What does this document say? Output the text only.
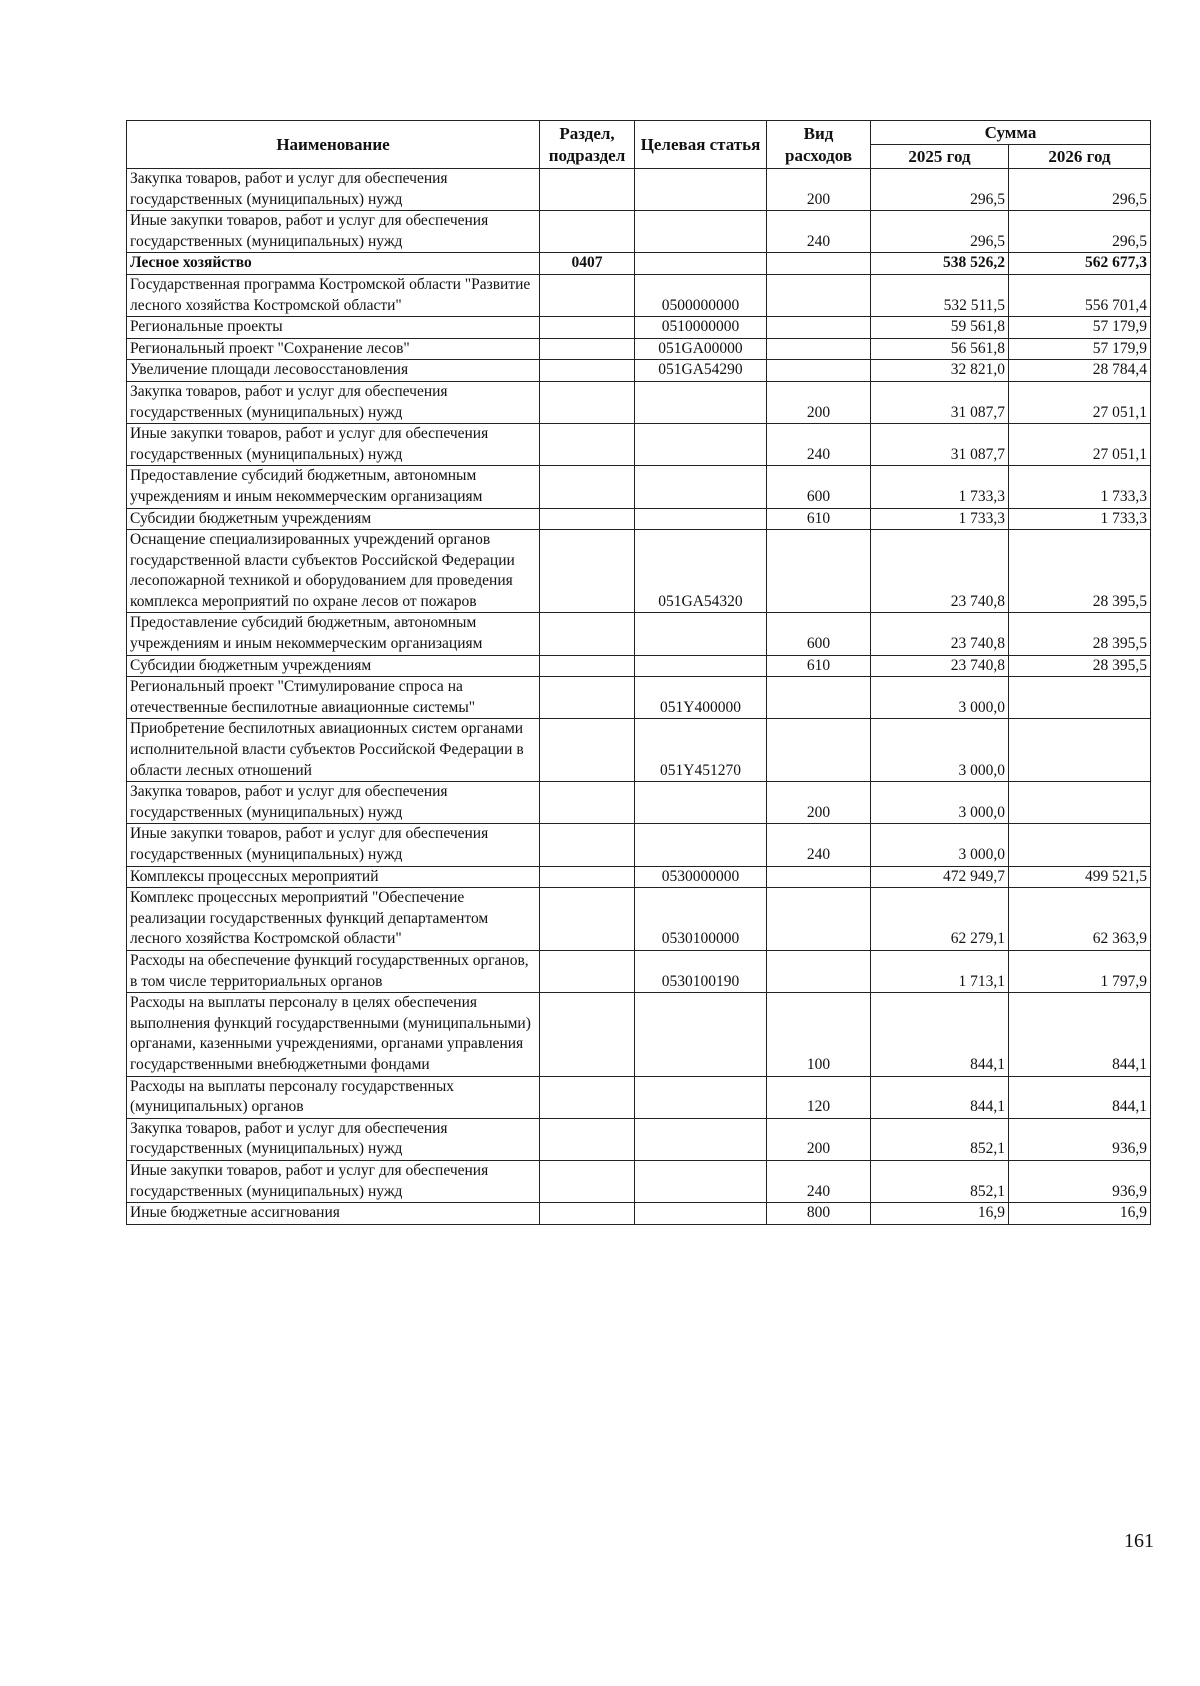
Наименование	Раздел, подраздел	Целевая статья	Вид расходов	Сумма	
				2025 год	2026 год
Закупка товаров, работ и услуг для обеспечения государственных (муниципальных) нужд			200	296,5	296,5
Иные закупки товаров, работ и услуг для обеспечения государственных (муниципальных) нужд			240	296,5	296,5
Лесное хозяйство	0407			538 526,2	562 677,3
Государственная программа Костромской области "Развитие лесного хозяйства Костромской области"		0500000000		532 511,5	556 701,4
Региональные проекты		0510000000		59 561,8	57 179,9
Региональный проект "Сохранение лесов"		051GA00000		56 561,8	57 179,9
Увеличение площади лесовосстановления		051GA54290		32 821,0	28 784,4
Закупка товаров, работ и услуг для обеспечения государственных (муниципальных) нужд			200	31 087,7	27 051,1
Иные закупки товаров, работ и услуг для обеспечения государственных (муниципальных) нужд			240	31 087,7	27 051,1
Предоставление субсидий бюджетным, автономным учреждениям и иным некоммерческим организациям			600	1 733,3	1 733,3
Субсидии бюджетным учреждениям			610	1 733,3	1 733,3
Оснащение специализированных учреждений органов государственной власти субъектов Российской Федерации лесопожарной техникой и оборудованием для проведения комплекса мероприятий по охране лесов от пожаров		051GA54320		23 740,8	28 395,5
Предоставление субсидий бюджетным, автономным учреждениям и иным некоммерческим организациям			600	23 740,8	28 395,5
Субсидии бюджетным учреждениям			610	23 740,8	28 395,5
Региональный проект "Стимулирование спроса на отечественные беспилотные авиационные системы"		051Y400000		3 000,0	
Приобретение беспилотных авиационных систем органами исполнительной власти субъектов Российской Федерации в области лесных отношений		051Y451270		3 000,0	
Закупка товаров, работ и услуг для обеспечения государственных (муниципальных) нужд			200	3 000,0	
Иные закупки товаров, работ и услуг для обеспечения государственных (муниципальных) нужд			240	3 000,0	
Комплексы процессных мероприятий		0530000000		472 949,7	499 521,5
Комплекс процессных мероприятий "Обеспечение реализации государственных функций департаментом лесного хозяйства Костромской области"		0530100000		62 279,1	62 363,9
Расходы на обеспечение функций государственных органов, в том числе территориальных органов		0530100190		1 713,1	1 797,9
Расходы на выплаты персоналу в целях обеспечения выполнения функций государственными (муниципальными) органами, казенными учреждениями, органами управления государственными внебюджетными фондами			100	844,1	844,1
Расходы на выплаты персоналу государственных (муниципальных) органов			120	844,1	844,1
Закупка товаров, работ и услуг для обеспечения государственных (муниципальных) нужд			200	852,1	936,9
Иные закупки товаров, работ и услуг для обеспечения государственных (муниципальных) нужд			240	852,1	936,9
Иные бюджетные ассигнования			800	16,9	16,9
161
